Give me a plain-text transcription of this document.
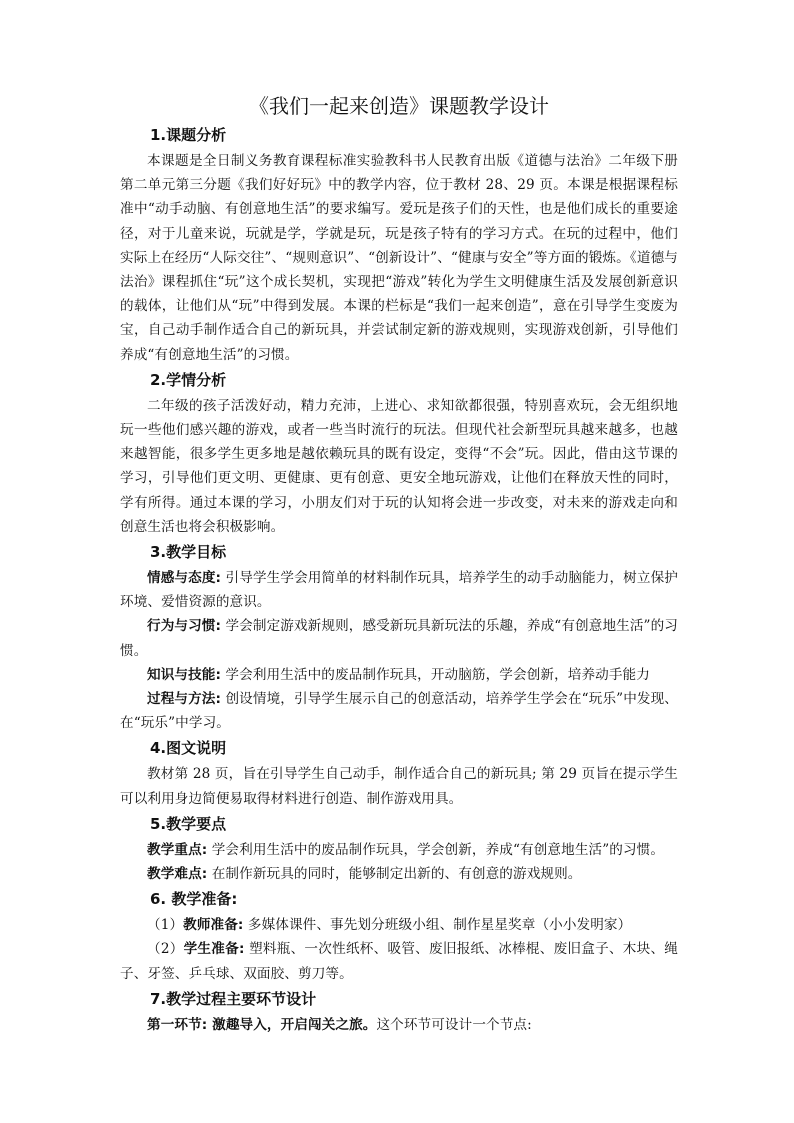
《我们一起来创造》课题教学设计
1.课题分析

本课题是全日制义务教育课程标准实验教科书人民教育出版《道德与法治》二年级下册第二单元第三分题《我们好好玩》中的教学内容，位于教材 28、29 页。本课是根据课程标准中“动手动脑、有创意地生活”的要求编写。爱玩是孩子们的天性，也是他们成长的重要途径，对于儿童来说，玩就是学，学就是玩，玩是孩子特有的学习方式。在玩的过程中，他们实际上在经历“人际交往”、“规则意识”、“创新设计”、“健康与安全”等方面的锻炼。《道德与法治》课程抓住“玩”这个成长契机，实现把“游戏”转化为学生文明健康生活及发展创新意识的载体，让他们从“玩”中得到发展。本课的栏标是“我们一起来创造”，意在引导学生变废为宝，自己动手制作适合自己的新玩具，并尝试制定新的游戏规则，实现游戏创新，引导他们养成“有创意地生活”的习惯。

2.学情分析

二年级的孩子活泼好动，精力充沛，上进心、求知欲都很强，特别喜欢玩，会无组织地玩一些他们感兴趣的游戏，或者一些当时流行的玩法。但现代社会新型玩具越来越多，也越来越智能，很多学生更多地是越依赖玩具的既有设定，变得“不会”玩。因此，借由这节课的学习，引导他们更文明、更健康、更有创意、更安全地玩游戏，让他们在释放天性的同时，学有所得。通过本课的学习，小朋友们对于玩的认知将会进一步改变，对未来的游戏走向和创意生活也将会积极影响。

3.教学目标

情感与态度: 引导学生学会用简单的材料制作玩具，培养学生的动手动脑能力，树立保护环境、爱惜资源的意识。

行为与习惯: 学会制定游戏新规则，感受新玩具新玩法的乐趣，养成“有创意地生活”的习惯。

知识与技能: 学会利用生活中的废品制作玩具，开动脑筋，学会创新，培养动手能力

过程与方法: 创设情境，引导学生展示自己的创意活动，培养学生学会在“玩乐”中发现、在“玩乐”中学习。

4.图文说明

教材第 28 页，旨在引导学生自己动手，制作适合自己的新玩具; 第 29 页旨在提示学生可以利用身边简便易取得材料进行创造、制作游戏用具。

5.教学要点

教学重点: 学会利用生活中的废品制作玩具，学会创新，养成“有创意地生活”的习惯。

教学难点: 在制作新玩具的同时，能够制定出新的、有创意的游戏规则。

6. 教学准备:

（1）教师准备: 多媒体课件、事先划分班级小组、制作星星奖章（小小发明家）

（2）学生准备: 塑料瓶、一次性纸杯、吸管、废旧报纸、冰棒棍、废旧盒子、木块、绳子、牙签、乒乓球、双面胶、剪刀等。

7.教学过程主要环节设计

第一环节: 激趣导入，开启闯关之旅。这个环节可设计一个节点:
